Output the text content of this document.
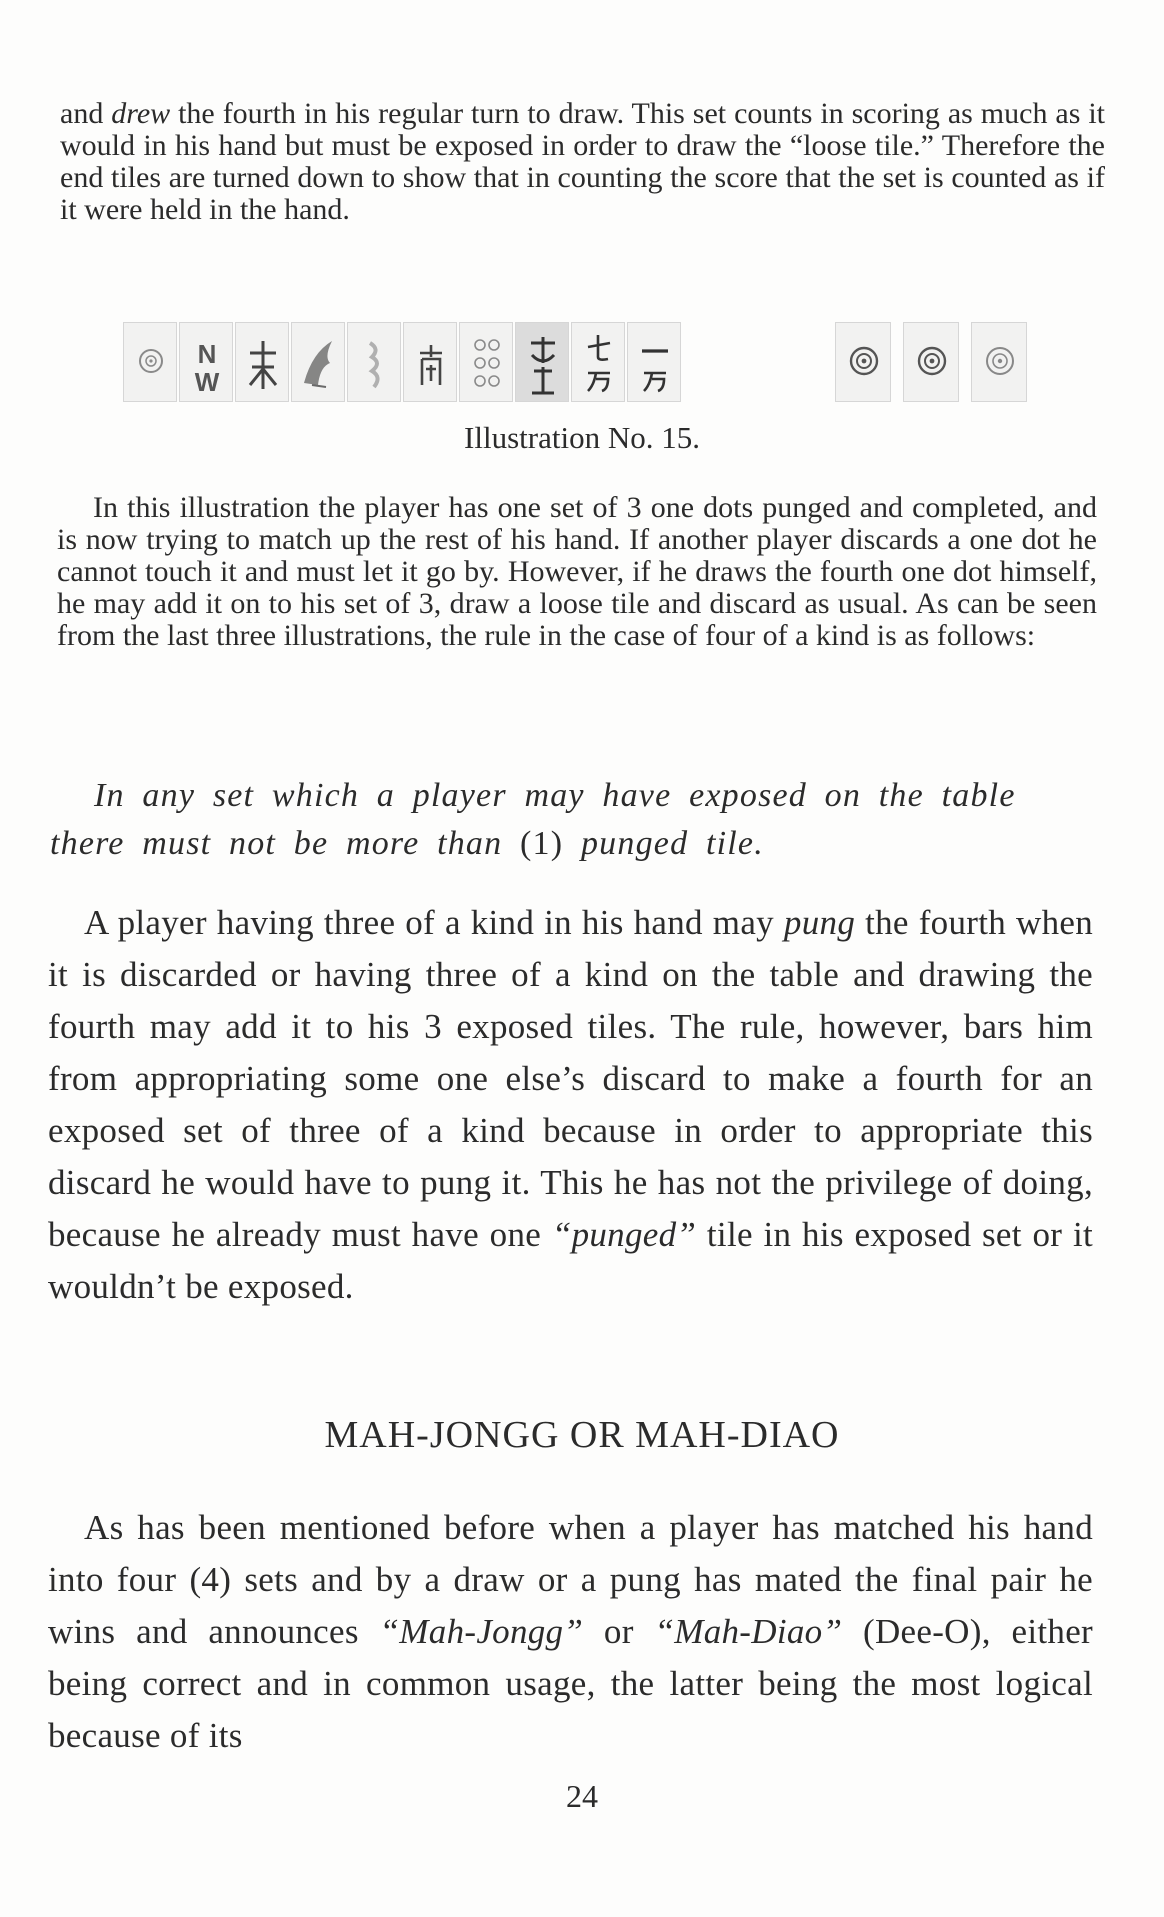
and drew the fourth in his regular turn to draw. This set counts in scoring as much as it would in his hand but must be exposed in order to draw the “loose tile.” Therefore the end tiles are turned down to show that in counting the score that the set is counted as if it were held in the hand.

N
W

Illustration No. 15.

In this illustration the player has one set of 3 one dots punged and completed, and is now trying to match up the rest of his hand. If another player discards a one dot he cannot touch it and must let it go by. However, if he draws the fourth one dot himself, he may add it on to his set of 3, draw a loose tile and discard as usual. As can be seen from the last three illustrations, the rule in the case of four of a kind is as follows:

In any set which a player may have exposed on the table there must not be more than (1) punged tile.

A player having three of a kind in his hand may pung the fourth when it is discarded or having three of a kind on the table and drawing the fourth may add it to his 3 exposed tiles. The rule, however, bars him from appropriating some one else’s discard to make a fourth for an exposed set of three of a kind because in order to appropriate this discard he would have to pung it. This he has not the privilege of doing, because he already must have one “punged” tile in his exposed set or it wouldn’t be exposed.

MAH-JONGG OR MAH-DIAO

As has been mentioned before when a player has matched his hand into four (4) sets and by a draw or a pung has mated the final pair he wins and announces “Mah-Jongg” or “Mah-Diao” (Dee-O), either being correct and in common usage, the latter being the most logical because of its

24
